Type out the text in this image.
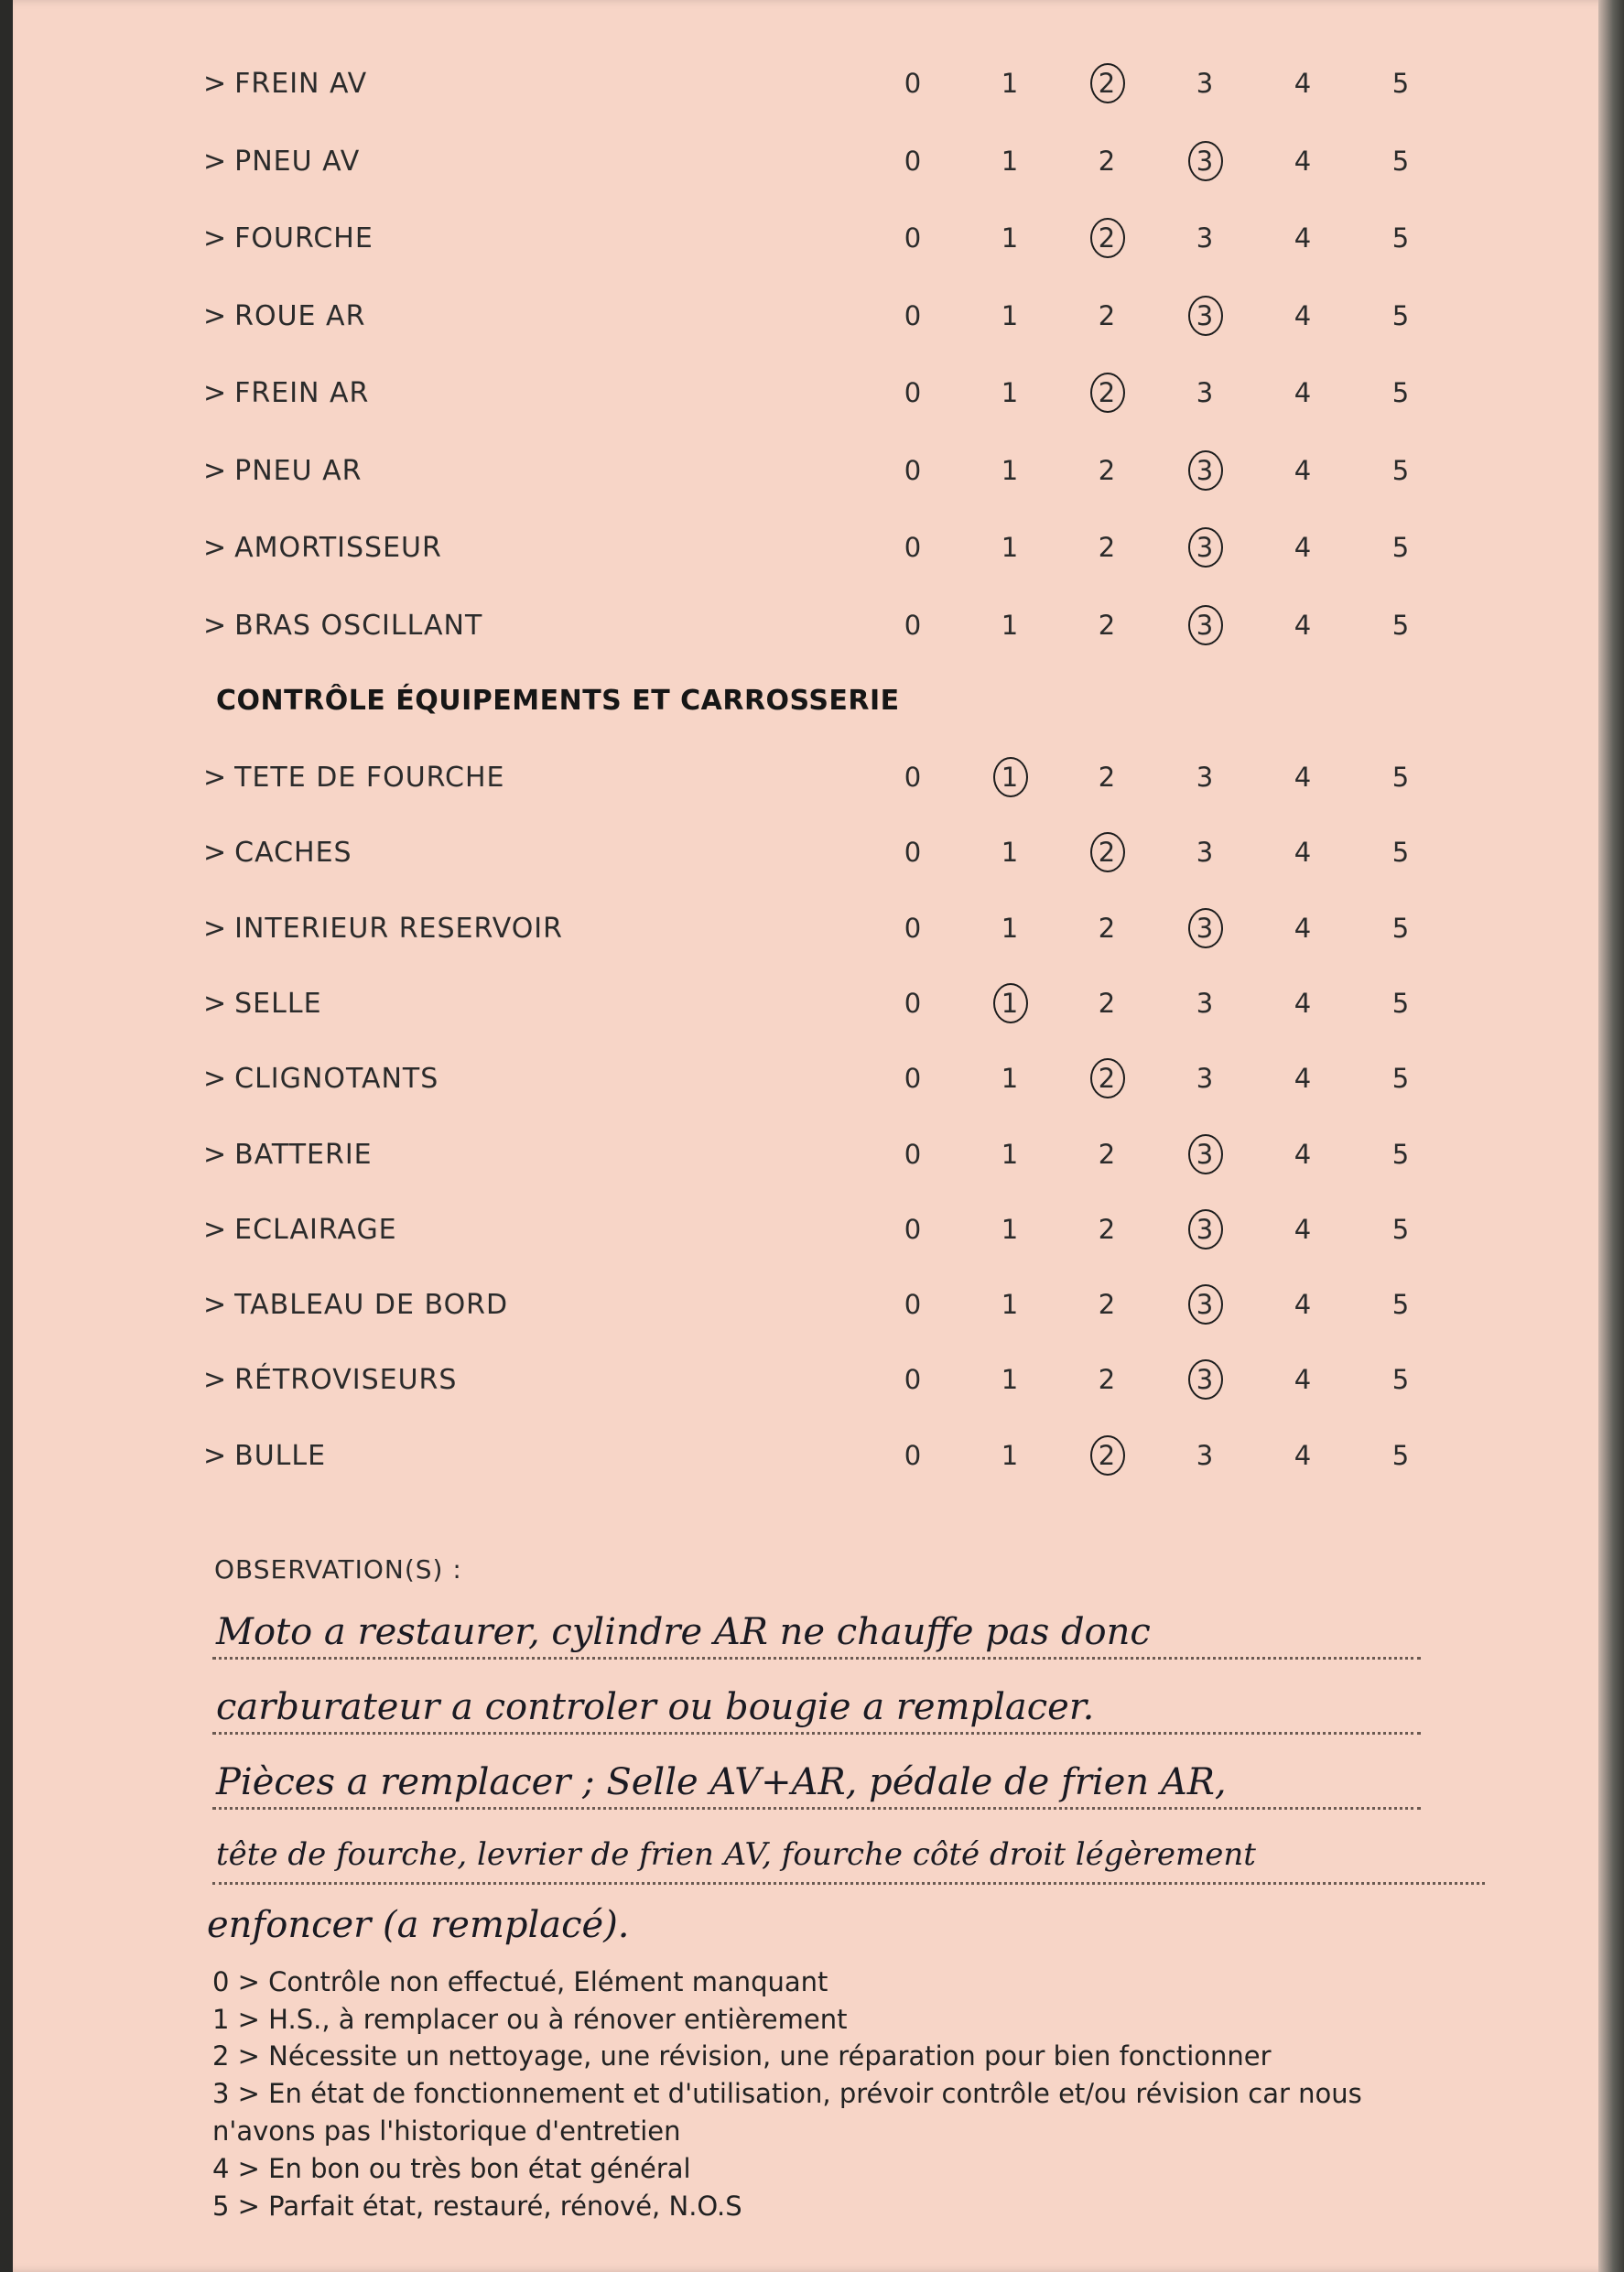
> FREIN AV	0	1	2	3	4	5
> PNEU AV	0	1	2	3	4	5
> FOURCHE	0	1	2	3	4	5
> ROUE AR	0	1	2	3	4	5
> FREIN AR	0	1	2	3	4	5
> PNEU AR	0	1	2	3	4	5
> AMORTISSEUR	0	1	2	3	4	5
> BRAS OSCILLANT	0	1	2	3	4	5
> TETE DE FOURCHE	0	1	2	3	4	5
> CACHES	0	1	2	3	4	5
> INTERIEUR RESERVOIR	0	1	2	3	4	5
> SELLE	0	1	2	3	4	5
> CLIGNOTANTS	0	1	2	3	4	5
> BATTERIE	0	1	2	3	4	5
> ECLAIRAGE	0	1	2	3	4	5
> TABLEAU DE BORD	0	1	2	3	4	5
> RÉTROVISEURS	0	1	2	3	4	5
> BULLE	0	1	2	3	4	5
CONTRÔLE ÉQUIPEMENTS ET CARROSSERIE
OBSERVATION(S) :
Moto a restaurer, cylindre AR ne chauffe pas donc
carburateur a controler ou bougie a remplacer.
Pièces a remplacer ; Selle AV+AR, pédale de frien AR,
tête de fourche, levrier de frien AV, fourche côté droit légèrement
enfoncer (a remplacé).
0 > Contrôle non effectué, Elément manquant
1 > H.S., à remplacer ou à rénover entièrement
2 > Nécessite un nettoyage, une révision, une réparation pour bien fonctionner
3 > En état de fonctionnement et d'utilisation, prévoir contrôle et/ou révision car nous
n'avons pas l'historique d'entretien
4 > En bon ou très bon état général
5 > Parfait état, restauré, rénové, N.O.S
